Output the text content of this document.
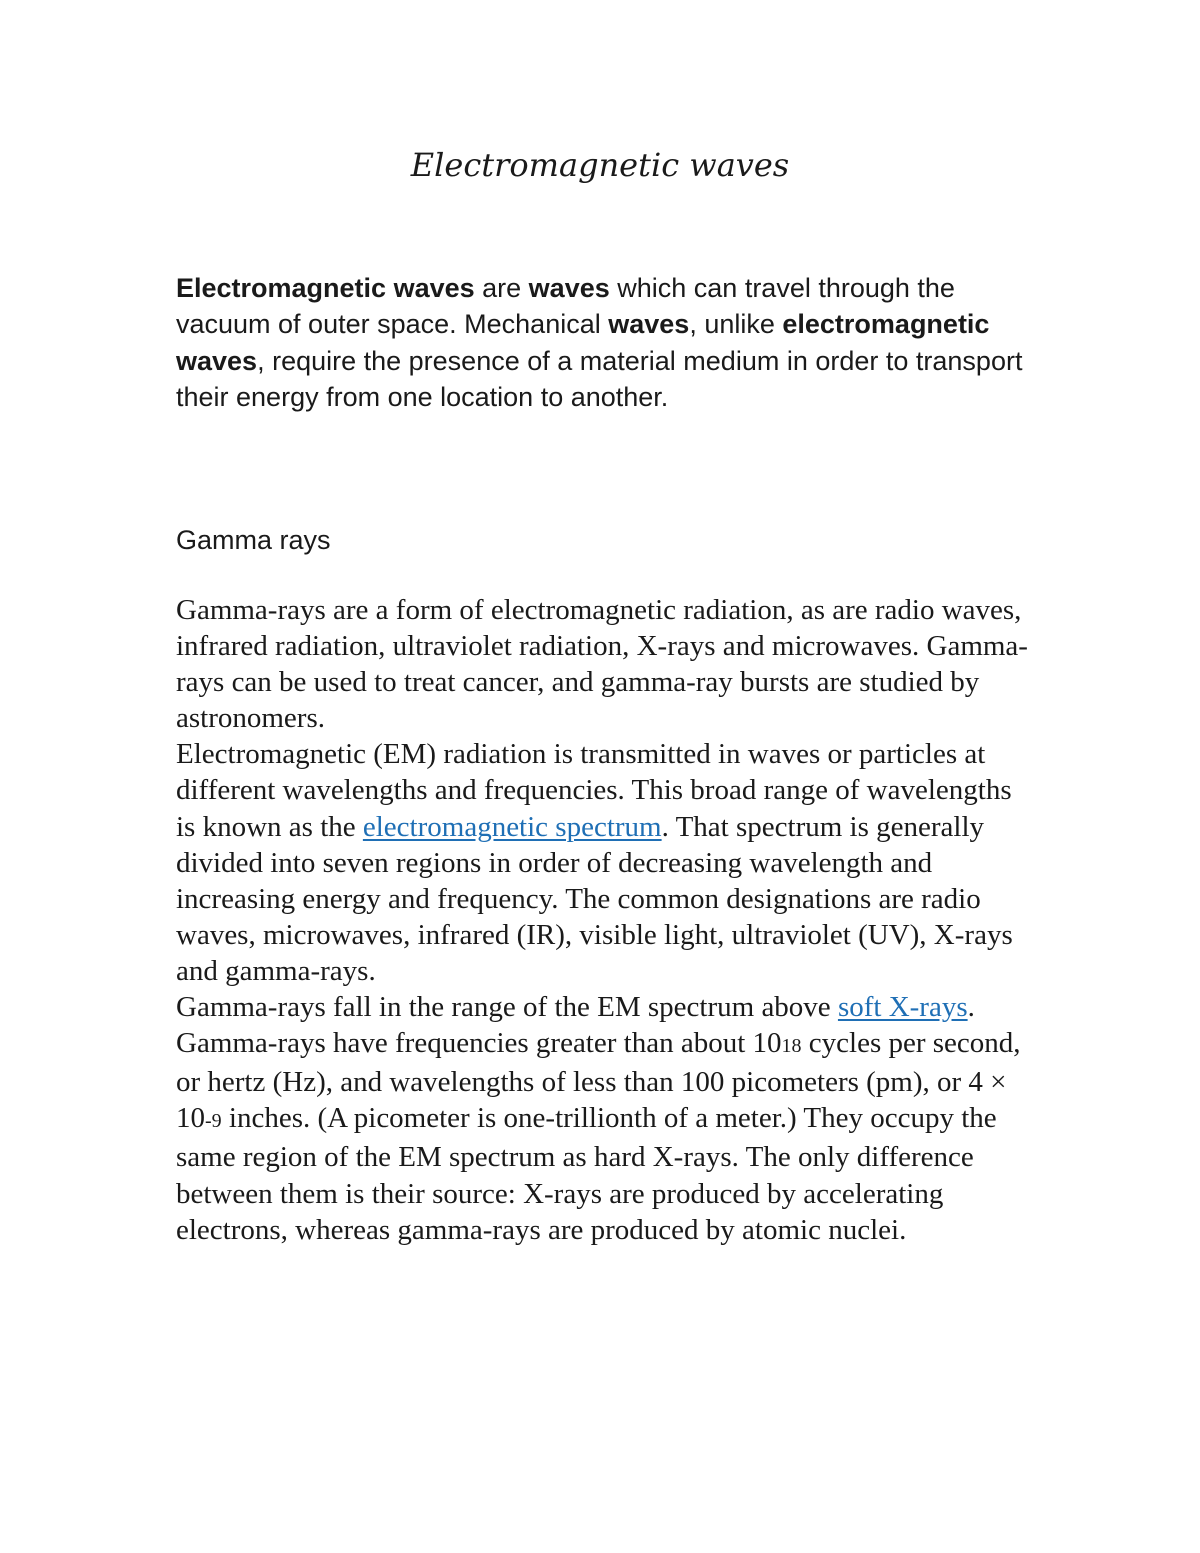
Electromagnetic waves

Electromagnetic waves are waves which can travel through the vacuum of outer space. Mechanical waves, unlike electromagnetic waves, require the presence of a material medium in order to transport their energy from one location to another.

Gamma rays

Gamma-rays are a form of electromagnetic radiation, as are radio waves, infrared radiation, ultraviolet radiation, X-rays and microwaves. Gamma-rays can be used to treat cancer, and gamma-ray bursts are studied by astronomers.

Electromagnetic (EM) radiation is transmitted in waves or particles at different wavelengths and frequencies. This broad range of wavelengths is known as the electromagnetic spectrum. That spectrum is generally divided into seven regions in order of decreasing wavelength and increasing energy and frequency. The common designations are radio waves, microwaves, infrared (IR), visible light, ultraviolet (UV), X-rays and gamma-rays.

Gamma-rays fall in the range of the EM spectrum above soft X-rays. Gamma-rays have frequencies greater than about 1018 cycles per second, or hertz (Hz), and wavelengths of less than 100 picometers (pm), or 4 × 10-9 inches. (A picometer is one-trillionth of a meter.) They occupy the same region of the EM spectrum as hard X-rays. The only difference between them is their source: X-rays are produced by accelerating electrons, whereas gamma-rays are produced by atomic nuclei.
